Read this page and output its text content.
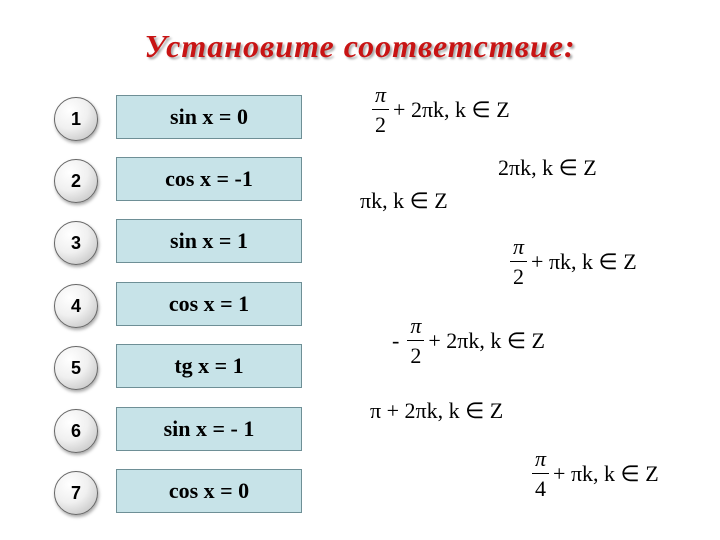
Установите соответствие:
1
2
3
4
5
6
7
sin x = 0
cos x = -1
sin x = 1
cos x = 1
tg x = 1
sin x = - 1
cos x = 0
$\frac{\pi}{2} + 2\pi k$, k ∈ Z
2πk, k ∈ Z
πk, k ∈ Z
$\frac{\pi}{2} + \pi k$, k ∈ Z
- $\frac{\pi}{2} + 2\pi k$, k ∈ Z
π + 2πk, k ∈ Z
$\frac{\pi}{4} + \pi k$, k ∈ Z
